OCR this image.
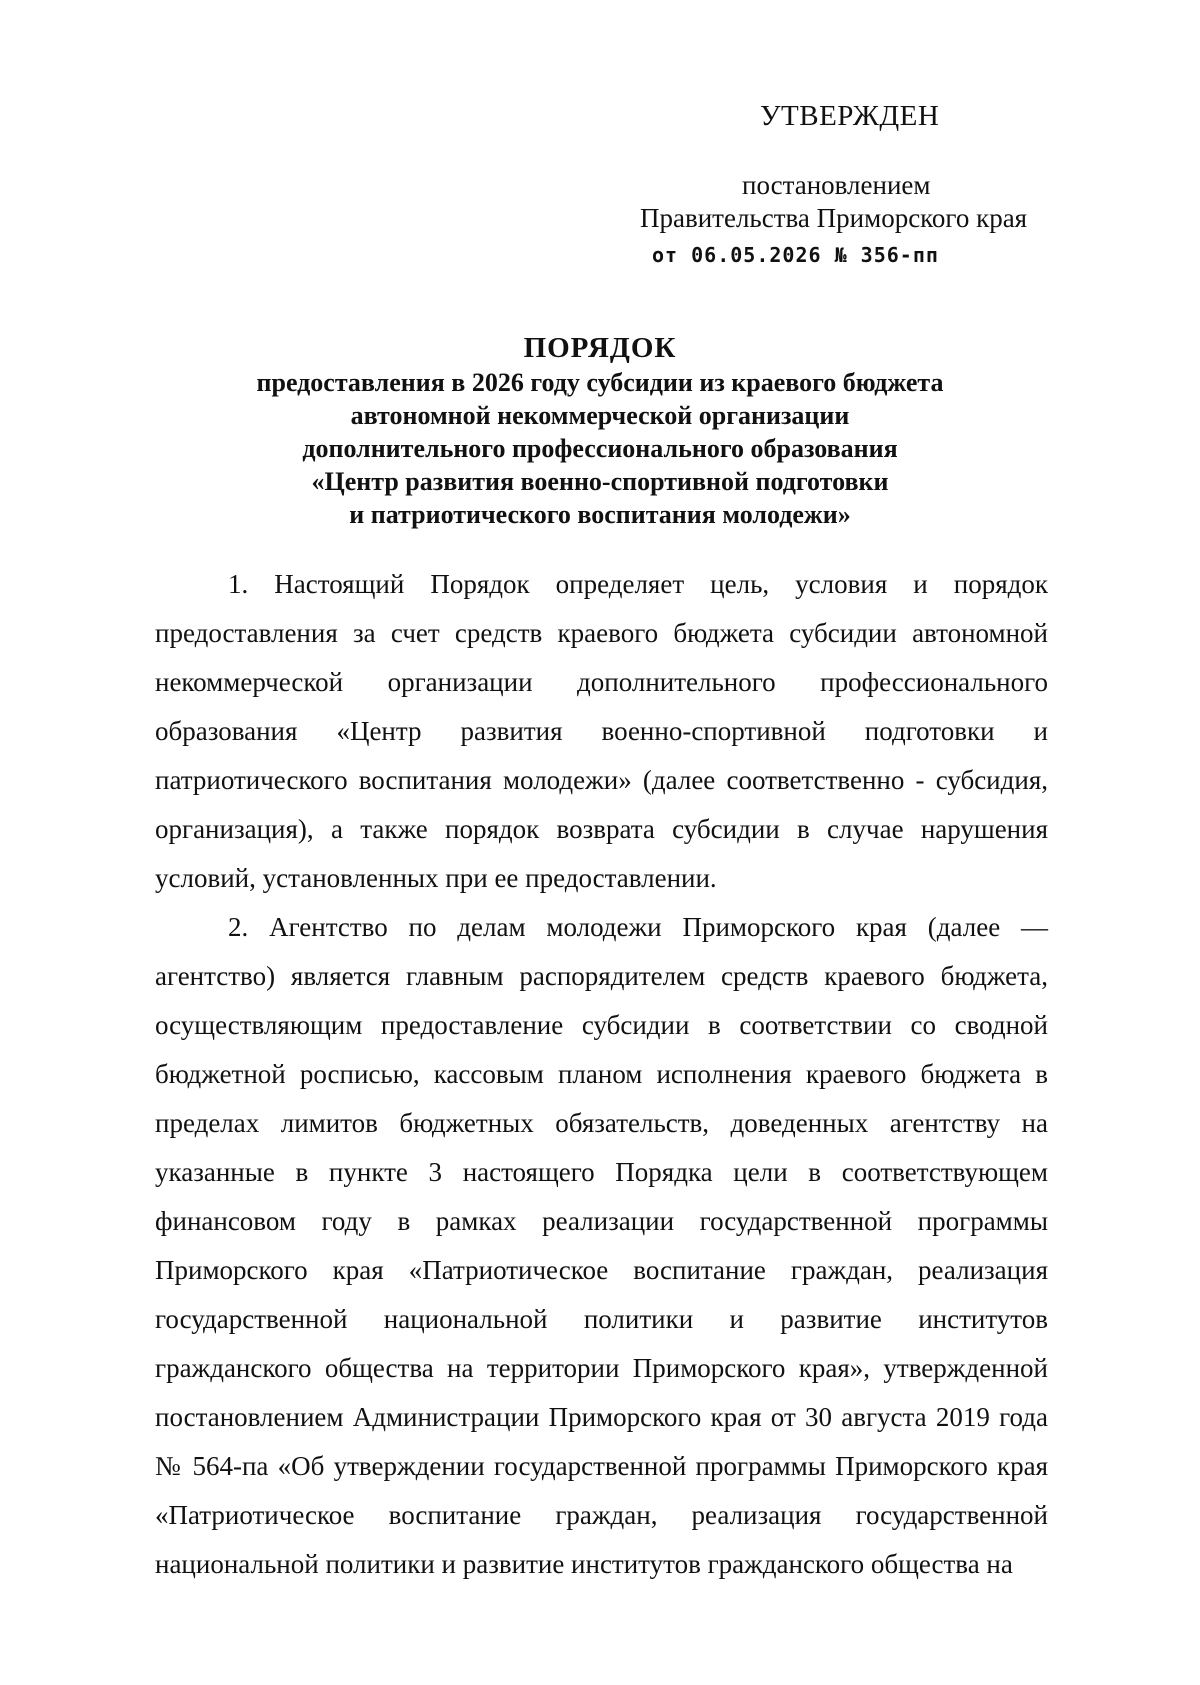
УТВЕРЖДЕН
постановлением
Правительства Приморского края
от 06.05.2026 № 356-пп
ПОРЯДОК
предоставления в 2026 году субсидии из краевого бюджета
автономной некоммерческой организации
дополнительного профессионального образования
«Центр развития военно-спортивной подготовки
и патриотического воспитания молодежи»

1. Настоящий Порядок определяет цель, условия и порядок предоставления за счет средств краевого бюджета субсидии автономной некоммерческой организации дополнительного профессионального образования «Центр развития военно-спортивной подготовки и патриотического воспитания молодежи» (далее соответственно - субсидия, организация), а также порядок возврата субсидии в случае нарушения условий, установленных при ее предоставлении.

2. Агентство по делам молодежи Приморского края (далее — агентство) является главным распорядителем средств краевого бюджета, осуществляющим предоставление субсидии в соответствии со сводной бюджетной росписью, кассовым планом исполнения краевого бюджета в пределах лимитов бюджетных обязательств, доведенных агентству на указанные в пункте 3 настоящего Порядка цели в соответствующем финансовом году в рамках реализации государственной программы Приморского края «Патриотическое воспитание граждан, реализация государственной национальной политики и развитие институтов гражданского общества на территории Приморского края», утвержденной постановлением Администрации Приморского края от 30 августа 2019 года № 564-па «Об утверждении государственной программы Приморского края «Патриотическое воспитание граждан, реализация государственной национальной политики и развитие институтов гражданского общества на
